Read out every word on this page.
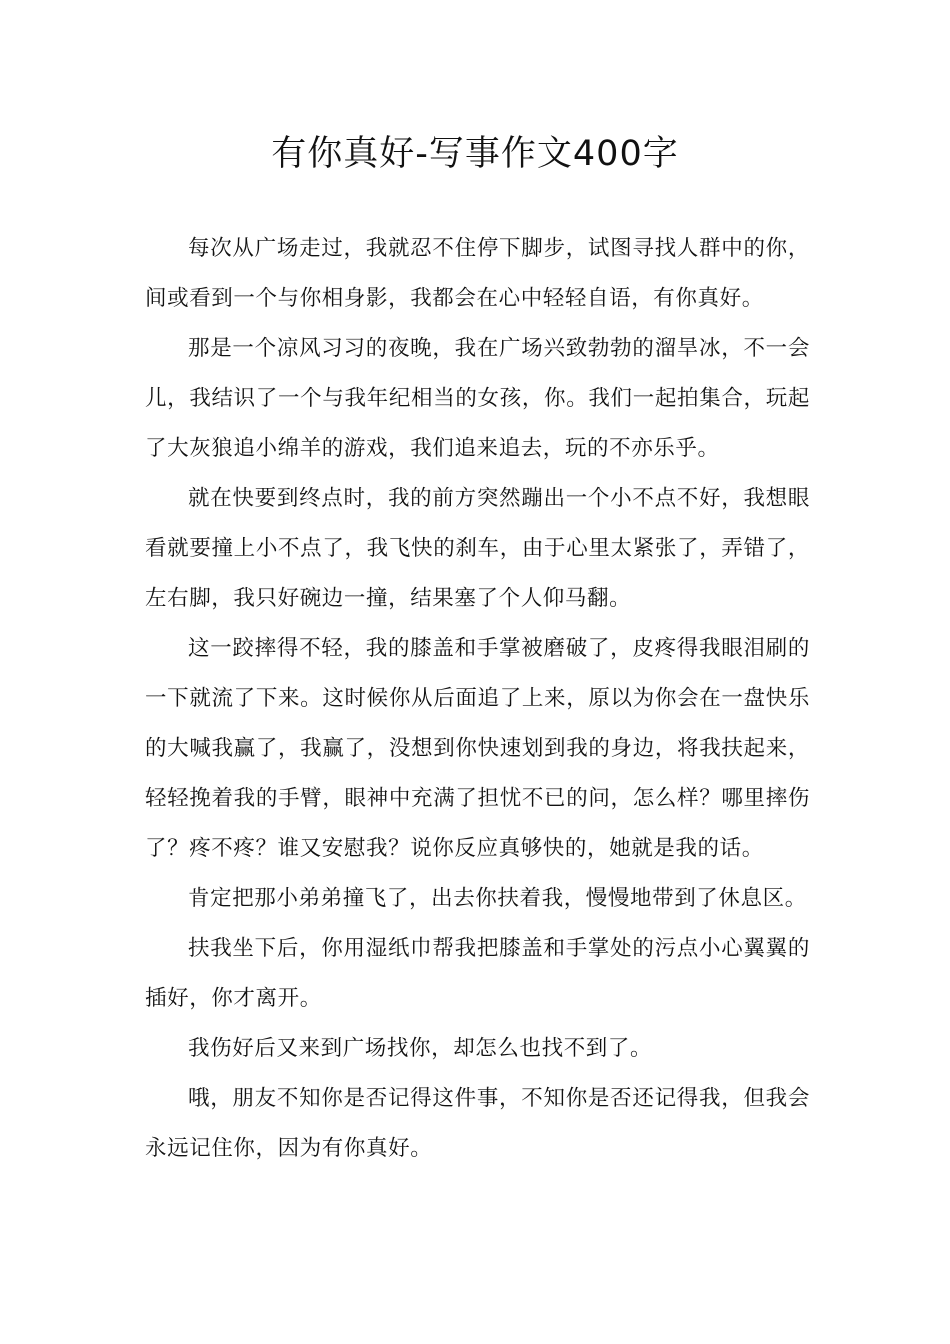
有你真好-写事作文400字

每次从广场走过，我就忍不住停下脚步，试图寻找人群中的你，间或看到一个与你相身影，我都会在心中轻轻自语，有你真好。

那是一个凉风习习的夜晚，我在广场兴致勃勃的溜旱冰，不一会儿，我结识了一个与我年纪相当的女孩，你。我们一起拍集合，玩起了大灰狼追小绵羊的游戏，我们追来追去，玩的不亦乐乎。

就在快要到终点时，我的前方突然蹦出一个小不点不好，我想眼看就要撞上小不点了，我飞快的刹车，由于心里太紧张了，弄错了，左右脚，我只好碗边一撞，结果塞了个人仰马翻。

这一跤摔得不轻，我的膝盖和手掌被磨破了，皮疼得我眼泪刷的一下就流了下来。这时候你从后面追了上来，原以为你会在一盘快乐的大喊我赢了，我赢了，没想到你快速划到我的身边，将我扶起来，轻轻挽着我的手臂，眼神中充满了担忧不已的问，怎么样？哪里摔伤了？疼不疼？谁又安慰我？说你反应真够快的，她就是我的话。

肯定把那小弟弟撞飞了，出去你扶着我，慢慢地带到了休息区。

扶我坐下后，你用湿纸巾帮我把膝盖和手掌处的污点小心翼翼的插好，你才离开。

我伤好后又来到广场找你，却怎么也找不到了。

哦，朋友不知你是否记得这件事，不知你是否还记得我，但我会永远记住你，因为有你真好。
